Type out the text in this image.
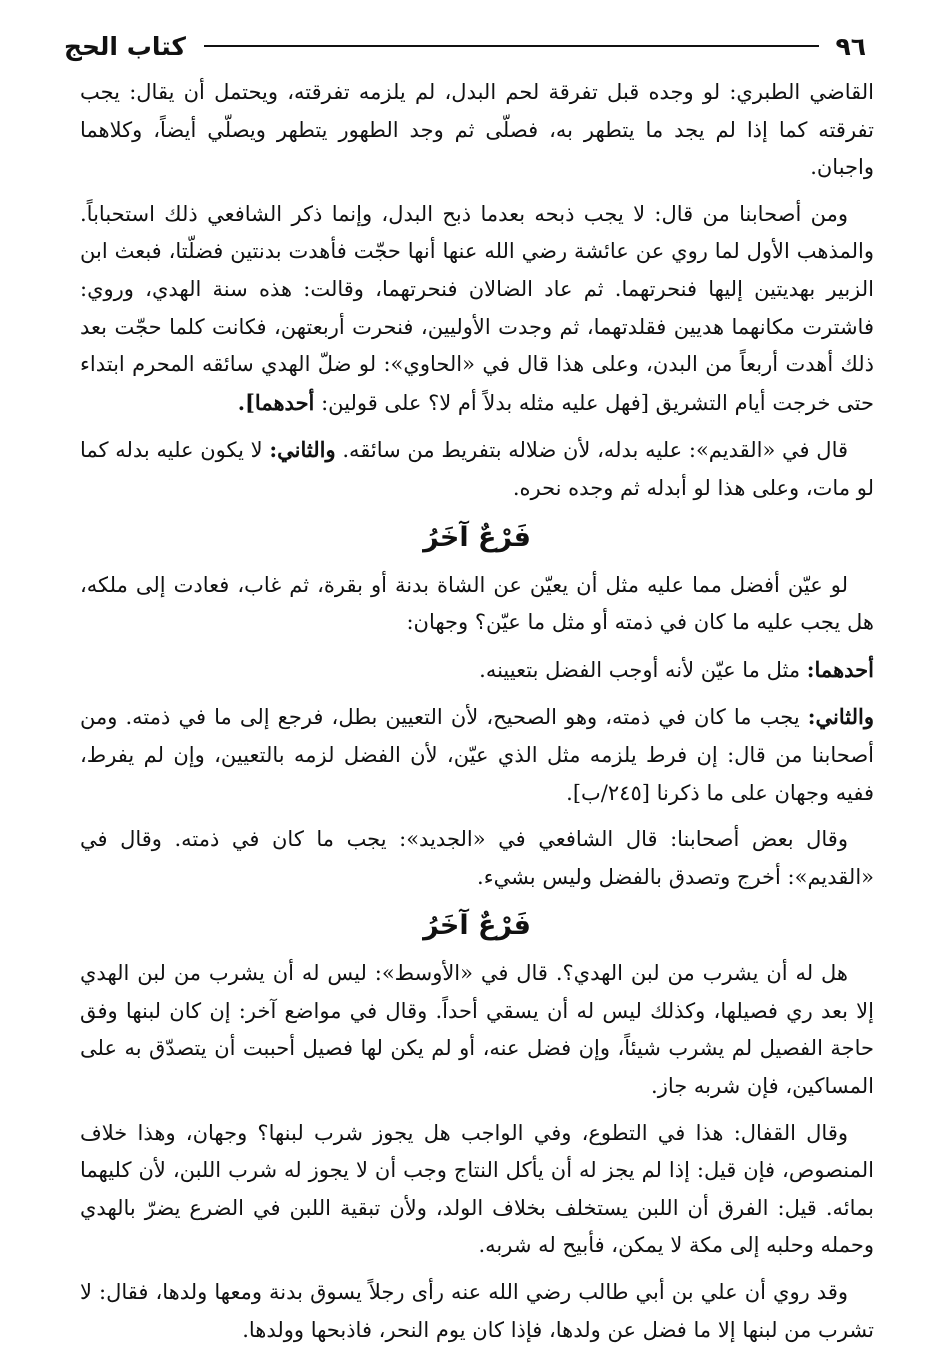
٩٦
كتاب الحج

القاضي الطبري: لو وجده قبل تفرقة لحم البدل، لم يلزمه تفرقته، ويحتمل أن يقال: يجب تفرقته كما إذا لم يجد ما يتطهر به، فصلّى ثم وجد الطهور يتطهر ويصلّي أيضاً، وكلاهما واجبان.

ومن أصحابنا من قال: لا يجب ذبحه بعدما ذبح البدل، وإنما ذكر الشافعي ذلك استحباباً. والمذهب الأول لما روي عن عائشة رضي الله عنها أنها حجّت فأهدت بدنتين فضلّتا، فبعث ابن الزبير بهديتين إليها فنحرتهما. ثم عاد الضالان فنحرتهما، وقالت: هذه سنة الهدي، وروي: فاشترت مكانهما هديين فقلدتهما، ثم وجدت الأوليين، فنحرت أربعتهن، فكانت كلما حجّت بعد ذلك أهدت أربعاً من البدن، وعلى هذا قال في «الحاوي»: لو ضلّ الهدي سائقه المحرم ابتداء حتى خرجت أيام التشريق [فهل عليه مثله بدلاً أم لا؟ على قولين: أحدهما].

قال في «القديم»: عليه بدله، لأن ضلاله بتفريط من سائقه. والثاني: لا يكون عليه بدله كما لو مات، وعلى هذا لو أبدله ثم وجده نحره.

فَرْعٌ آخَرُ

لو عيّن أفضل مما عليه مثل أن يعيّن عن الشاة بدنة أو بقرة، ثم غاب، فعادت إلى ملكه، هل يجب عليه ما كان في ذمته أو مثل ما عيّن؟ وجهان:

أحدهما: مثل ما عيّن لأنه أوجب الفضل بتعيينه.

والثاني: يجب ما كان في ذمته، وهو الصحيح، لأن التعيين بطل، فرجع إلى ما في ذمته. ومن أصحابنا من قال: إن فرط يلزمه مثل الذي عيّن، لأن الفضل لزمه بالتعيين، وإن لم يفرط، ففيه وجهان على ما ذكرنا [٢٤٥/ب].

وقال بعض أصحابنا: قال الشافعي في «الجديد»: يجب ما كان في ذمته. وقال في «القديم»: أخرج وتصدق بالفضل وليس بشيء.

فَرْعٌ آخَرُ

هل له أن يشرب من لبن الهدي؟. قال في «الأوسط»: ليس له أن يشرب من لبن الهدي إلا بعد ري فصيلها، وكذلك ليس له أن يسقي أحداً. وقال في مواضع آخر: إن كان لبنها وفق حاجة الفصيل لم يشرب شيئاً، وإن فضل عنه، أو لم يكن لها فصيل أحببت أن يتصدّق به على المساكين، فإن شربه جاز.

وقال القفال: هذا في التطوع، وفي الواجب هل يجوز شرب لبنها؟ وجهان، وهذا خلاف المنصوص، فإن قيل: إذا لم يجز له أن يأكل النتاج وجب أن لا يجوز له شرب اللبن، لأن كليهما بمائه. قيل: الفرق أن اللبن يستخلف بخلاف الولد، ولأن تبقية اللبن في الضرع يضرّ بالهدي وحمله وحلبه إلى مكة لا يمكن، فأبيح له شربه.

وقد روي أن علي بن أبي طالب رضي الله عنه رأى رجلاً يسوق بدنة ومعها ولدها، فقال: لا تشرب من لبنها إلا ما فضل عن ولدها، فإذا كان يوم النحر، فاذبحها وولدها.
